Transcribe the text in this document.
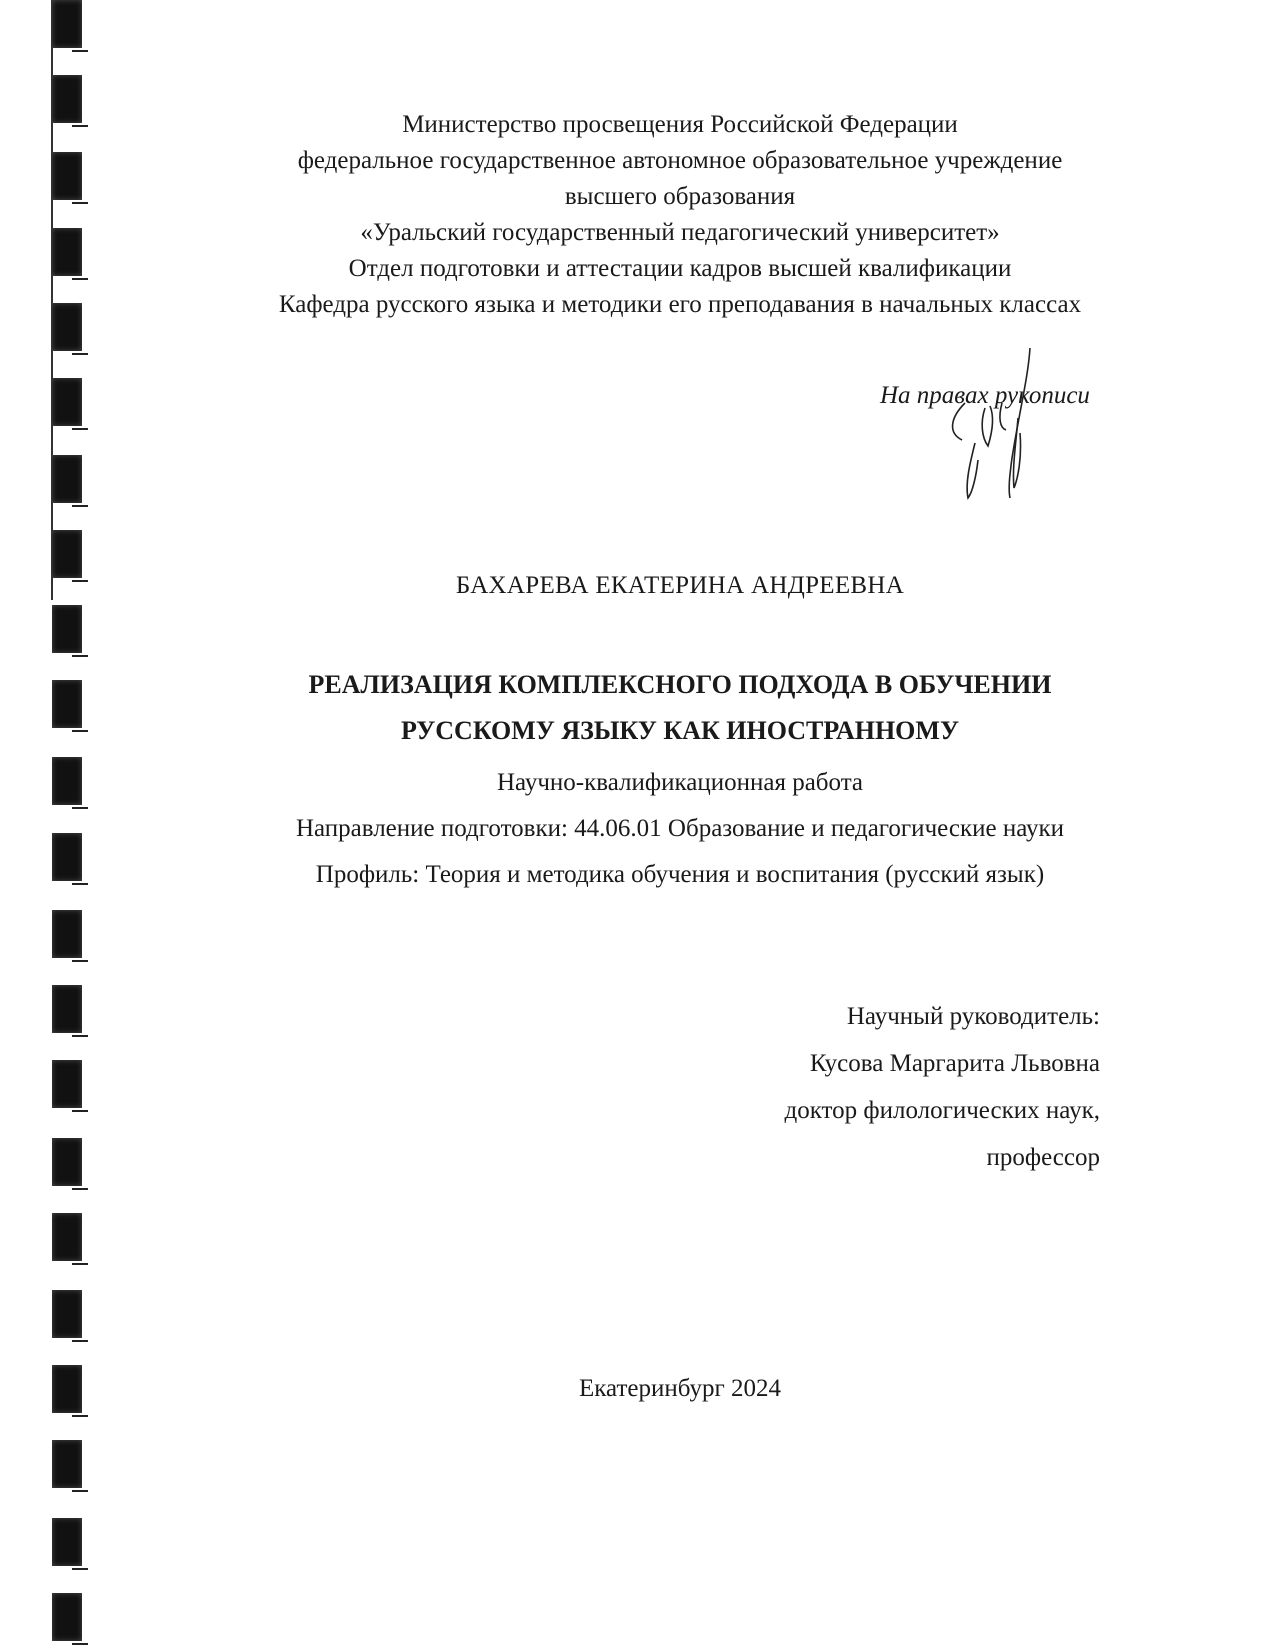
Министерство просвещения Российской Федерации
федеральное государственное автономное образовательное учреждение
высшего образования
«Уральский государственный педагогический университет»
Отдел подготовки и аттестации кадров высшей квалификации
Кафедра русского языка и методики его преподавания в начальных классах
На правах рукописи
БАХАРЕВА ЕКАТЕРИНА АНДРЕЕВНА
РЕАЛИЗАЦИЯ КОМПЛЕКСНОГО ПОДХОДА В ОБУЧЕНИИ
РУССКОМУ ЯЗЫКУ КАК ИНОСТРАННОМУ
Научно-квалификационная работа
Направление подготовки: 44.06.01 Образование и педагогические науки
Профиль: Теория и методика обучения и воспитания (русский язык)
Научный руководитель:
Кусова Маргарита Львовна
доктор филологических наук,
профессор
Екатеринбург 2024
